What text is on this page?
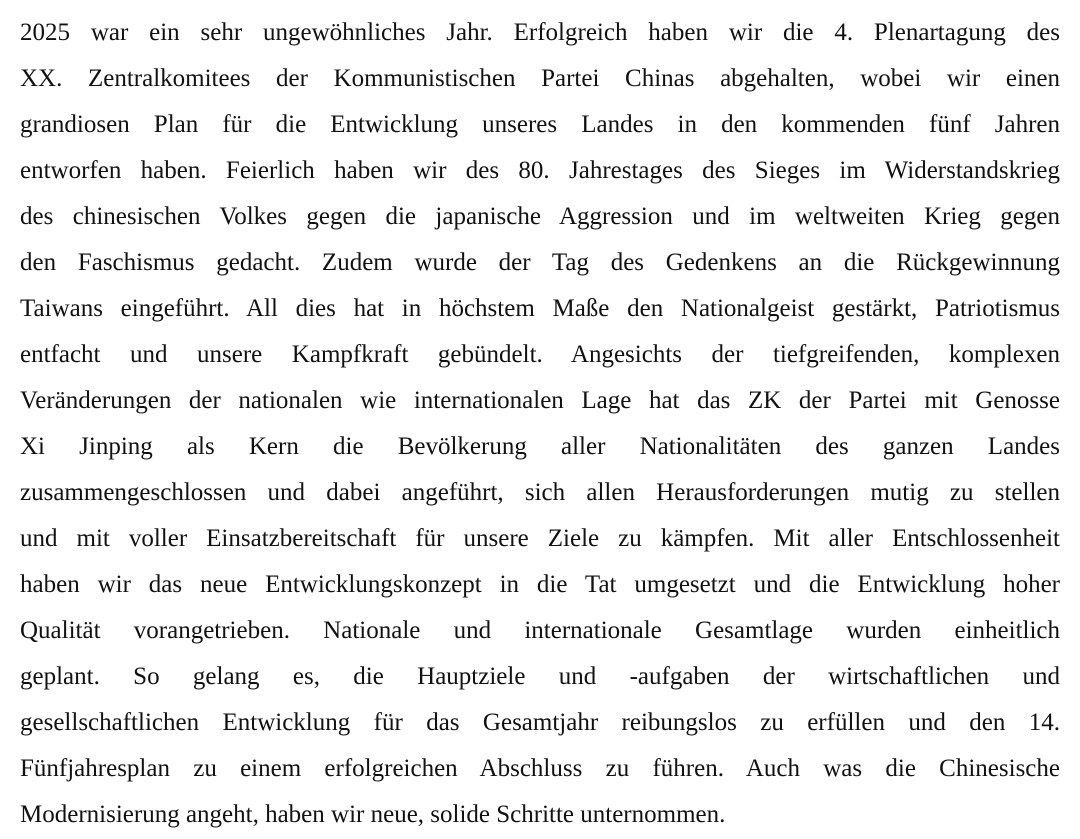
2025 war ein sehr ungewöhnliches Jahr. Erfolgreich haben wir die 4. Plenartagung des
XX. Zentralkomitees der Kommunistischen Partei Chinas abgehalten, wobei wir einen
grandiosen Plan für die Entwicklung unseres Landes in den kommenden fünf Jahren
entworfen haben. Feierlich haben wir des 80. Jahrestages des Sieges im Widerstandskrieg
des chinesischen Volkes gegen die japanische Aggression und im weltweiten Krieg gegen
den Faschismus gedacht. Zudem wurde der Tag des Gedenkens an die Rückgewinnung
Taiwans eingeführt. All dies hat in höchstem Maße den Nationalgeist gestärkt, Patriotismus
entfacht und unsere Kampfkraft gebündelt. Angesichts der tiefgreifenden, komplexen
Veränderungen der nationalen wie internationalen Lage hat das ZK der Partei mit Genosse
Xi Jinping als Kern die Bevölkerung aller Nationalitäten des ganzen Landes
zusammengeschlossen und dabei angeführt, sich allen Herausforderungen mutig zu stellen
und mit voller Einsatzbereitschaft für unsere Ziele zu kämpfen. Mit aller Entschlossenheit
haben wir das neue Entwicklungskonzept in die Tat umgesetzt und die Entwicklung hoher
Qualität vorangetrieben. Nationale und internationale Gesamtlage wurden einheitlich
geplant. So gelang es, die Hauptziele und -aufgaben der wirtschaftlichen und
gesellschaftlichen Entwicklung für das Gesamtjahr reibungslos zu erfüllen und den 14.
Fünfjahresplan zu einem erfolgreichen Abschluss zu führen. Auch was die Chinesische
Modernisierung angeht, haben wir neue, solide Schritte unternommen.
